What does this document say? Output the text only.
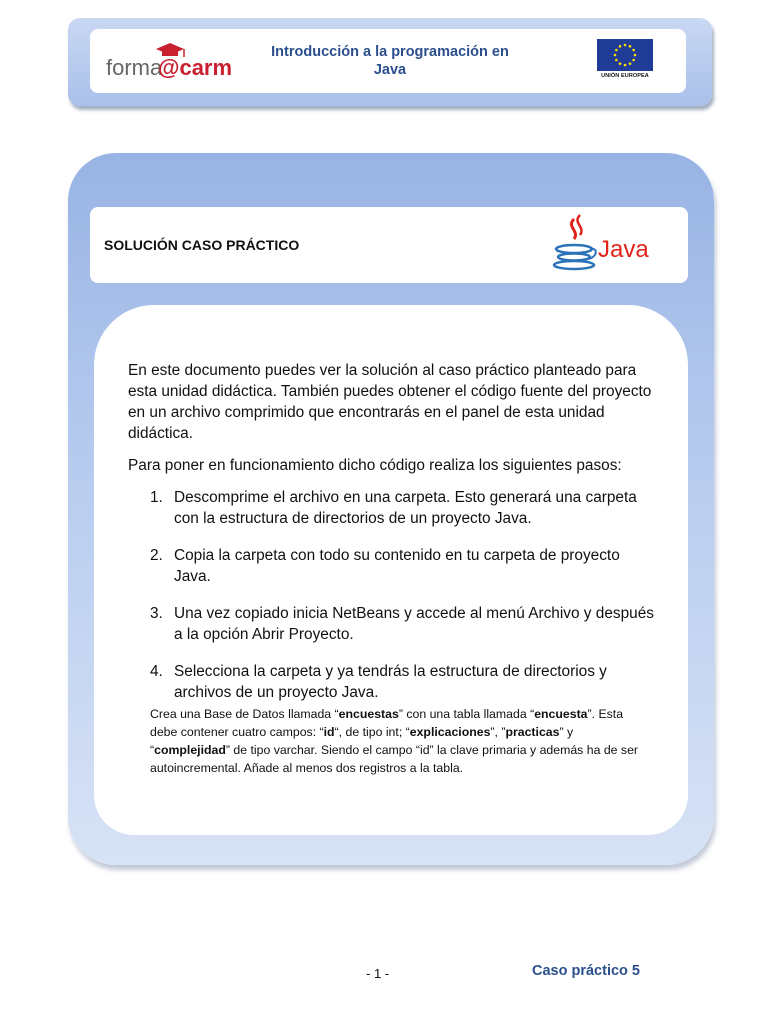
forma
@carm
Introducción a la programación en
Java	UNIÓN EUROPEA
SOLUCIÓN CASO PRÁCTICO	Java

En este documento puedes ver la solución al caso práctico planteado para esta unidad didáctica. También puedes obtener el código fuente del proyecto en un archivo comprimido que encontrarás en el panel de esta unidad didáctica.

Para poner en funcionamiento dicho código realiza los siguientes pasos:

1. Descomprime el archivo en una carpeta. Esto generará una carpeta con la estructura de directorios de un proyecto Java.
2. Copia la carpeta con todo su contenido en tu carpeta de proyecto Java.
3. Una vez copiado inicia NetBeans y accede al menú Archivo y después a la opción Abrir Proyecto.
4. Selecciona la carpeta y ya tendrás la estructura de directorios y archivos de un proyecto Java.
Crea una Base de Datos llamada “encuestas” con una tabla llamada “encuesta”. Esta debe contener cuatro campos: “id“, de tipo int; “explicaciones”, ”practicas” y “complejidad” de tipo varchar. Siendo el campo “id” la clave primaria y además ha de ser autoincremental. Añade al menos dos registros a la tabla.
- 1 -	Caso práctico 5
